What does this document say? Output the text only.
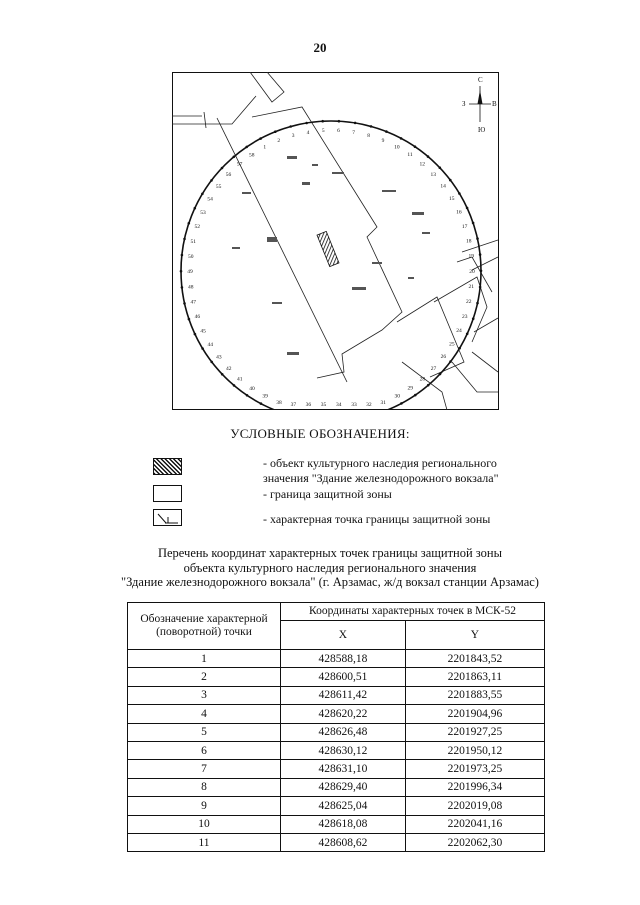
20
1
2
3
4 5 6 7
8
9
10
11
12
13
14
15
16
17
18
19
20
21
22
23
24
25
26
27
28
29
30
31
32
33
34
35
36
37
38
39
40
41
42
43
44
45
46
47
48
49
50
51
52
53
54
55
56
57
58
С
Ю
З	В
УСЛОВНЫЕ ОБОЗНАЧЕНИЯ:
- объект культурного наследия регионального значения "Здание железнодорожного вокзала"
- граница защитной зоны
- характерная точка границы защитной зоны
Перечень координат характерных точек границы защитной зоны
объекта культурного наследия регионального значения
"Здание железнодорожного вокзала" (г. Арзамас, ж/д вокзал станции Арзамас)
Обозначение характерной (поворотной) точки	Координаты характерных точек в МСК-52	
	X	Y
1	428588,18	2201843,52
2	428600,51	2201863,11
3	428611,42	2201883,55
4	428620,22	2201904,96
5	428626,48	2201927,25
6	428630,12	2201950,12
7	428631,10	2201973,25
8	428629,40	2201996,34
9	428625,04	2202019,08
10	428618,08	2202041,16
11	428608,62	2202062,30
